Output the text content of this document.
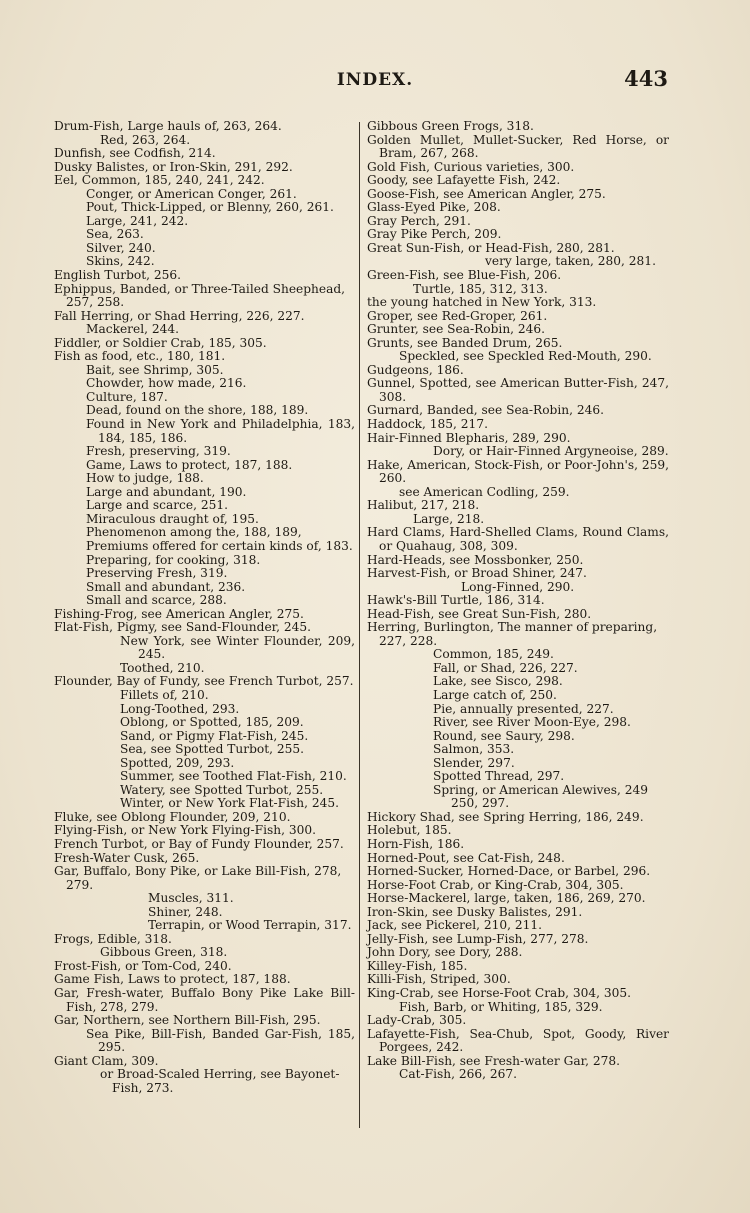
INDEX.	443

Drum-Fish, Large hauls of, 263, 264.

Red, 263, 264.

Dunfish, see Codfish, 214.

Dusky Balistes, or Iron-Skin, 291, 292.

Eel, Common, 185, 240, 241, 242.

Conger, or American Conger, 261.

Pout, Thick-Lipped, or Blenny, 260, 261.

Large, 241, 242.

Sea, 263.

Silver, 240.

Skins, 242.

English Turbot, 256.

Ephippus, Banded, or Three-Tailed Sheephead, 257, 258.

Fall Herring, or Shad Herring, 226, 227.

Mackerel, 244.

Fiddler, or Soldier Crab, 185, 305.

Fish as food, etc., 180, 181.

Bait, see Shrimp, 305.

Chowder, how made, 216.

Culture, 187.

Dead, found on the shore, 188, 189.

Found in New York and Philadelphia, 183, 184, 185, 186.

Fresh, preserving, 319.

Game, Laws to protect, 187, 188.

How to judge, 188.

Large and abundant, 190.

Large and scarce, 251.

Miraculous draught of, 195.

Phenomenon among the, 188, 189,

Premiums offered for certain kinds of, 183.

Preparing, for cooking, 318.

Preserving Fresh, 319.

Small and abundant, 236.

Small and scarce, 288.

Fishing-Frog, see American Angler, 275.

Flat-Fish, Pigmy, see Sand-Flounder, 245.

New York, see Winter Flounder, 209, 245.

Toothed, 210.

Flounder, Bay of Fundy, see French Turbot, 257.

Fillets of, 210.

Long-Toothed, 293.

Oblong, or Spotted, 185, 209.

Sand, or Pigmy Flat-Fish, 245.

Sea, see Spotted Turbot, 255.

Spotted, 209, 293.

Summer, see Toothed Flat-Fish, 210.

Watery, see Spotted Turbot, 255.

Winter, or New York Flat-Fish, 245.

Fluke, see Oblong Flounder, 209, 210.

Flying-Fish, or New York Flying-Fish, 300.

French Turbot, or Bay of Fundy Flounder, 257.

Fresh-Water Cusk, 265.

Gar, Buffalo, Bony Pike, or Lake Bill-Fish, 278, 279.

Muscles, 311.

Shiner, 248.

Terrapin, or Wood Terrapin, 317.

Frogs, Edible, 318.

Gibbous Green, 318.

Frost-Fish, or Tom-Cod, 240.

Game Fish, Laws to protect, 187, 188.

Gar, Fresh-water, Buffalo Bony Pike Lake Bill-Fish, 278, 279.

Gar, Northern, see Northern Bill-Fish, 295.

Sea Pike, Bill-Fish, Banded Gar-Fish, 185, 295.

Giant Clam, 309.

or Broad-Scaled Herring, see Bayonet-Fish, 273.

Gibbous Green Frogs, 318.

Golden Mullet, Mullet-Sucker, Red Horse, or Bram, 267, 268.

Gold Fish, Curious varieties, 300.

Goody, see Lafayette Fish, 242.

Goose-Fish, see American Angler, 275.

Glass-Eyed Pike, 208.

Gray Perch, 291.

Gray Pike Perch, 209.

Great Sun-Fish, or Head-Fish, 280, 281.

very large, taken, 280, 281.

Green-Fish, see Blue-Fish, 206.

Turtle, 185, 312, 313.

the young hatched in New York, 313.

Groper, see Red-Groper, 261.

Grunter, see Sea-Robin, 246.

Grunts, see Banded Drum, 265.

Speckled, see Speckled Red-Mouth, 290.

Gudgeons, 186.

Gunnel, Spotted, see American Butter-Fish, 247, 308.

Gurnard, Banded, see Sea-Robin, 246.

Haddock, 185, 217.

Hair-Finned Blepharis, 289, 290.

Dory, or Hair-Finned Argyneoise, 289.

Hake, American, Stock-Fish, or Poor-John's, 259, 260.

see American Codling, 259.

Halibut, 217, 218.

Large, 218.

Hard Clams, Hard-Shelled Clams, Round Clams, or Quahaug, 308, 309.

Hard-Heads, see Mossbonker, 250.

Harvest-Fish, or Broad Shiner, 247.

Long-Finned, 290.

Hawk's-Bill Turtle, 186, 314.

Head-Fish, see Great Sun-Fish, 280.

Herring, Burlington, The manner of preparing, 227, 228.

Common, 185, 249.

Fall, or Shad, 226, 227.

Lake, see Sisco, 298.

Large catch of, 250.

Pie, annually presented, 227.

River, see River Moon-Eye, 298.

Round, see Saury, 298.

Salmon, 353.

Slender, 297.

Spotted Thread, 297.

Spring, or American Alewives, 249 250, 297.

Hickory Shad, see Spring Herring, 186, 249.

Holebut, 185.

Horn-Fish, 186.

Horned-Pout, see Cat-Fish, 248.

Horned-Sucker, Horned-Dace, or Barbel, 296.

Horse-Foot Crab, or King-Crab, 304, 305.

Horse-Mackerel, large, taken, 186, 269, 270.

Iron-Skin, see Dusky Balistes, 291.

Jack, see Pickerel, 210, 211.

Jelly-Fish, see Lump-Fish, 277, 278.

John Dory, see Dory, 288.

Killey-Fish, 185.

Killi-Fish, Striped, 300.

King-Crab, see Horse-Foot Crab, 304, 305.

Fish, Barb, or Whiting, 185, 329.

Lady-Crab, 305.

Lafayette-Fish, Sea-Chub, Spot, Goody, River Porgees, 242.

Lake Bill-Fish, see Fresh-water Gar, 278.

Cat-Fish, 266, 267.
